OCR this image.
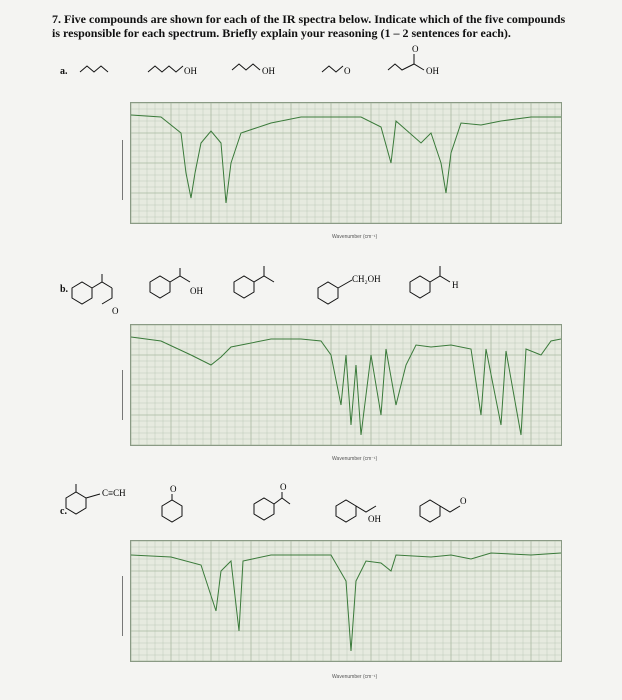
7. Five compounds are shown for each of the IR spectra below. Indicate which of the five compounds is responsible for each spectrum. Briefly explain your reasoning (1 – 2 sentences for each).
a.	OH	OH	O
O
OH
Wavenumber (cm⁻¹)
b.
O
OH
CH₂OH
H
Wavenumber (cm⁻¹)
c.
C≡CH	O	O
OH
O
Wavenumber (cm⁻¹)
